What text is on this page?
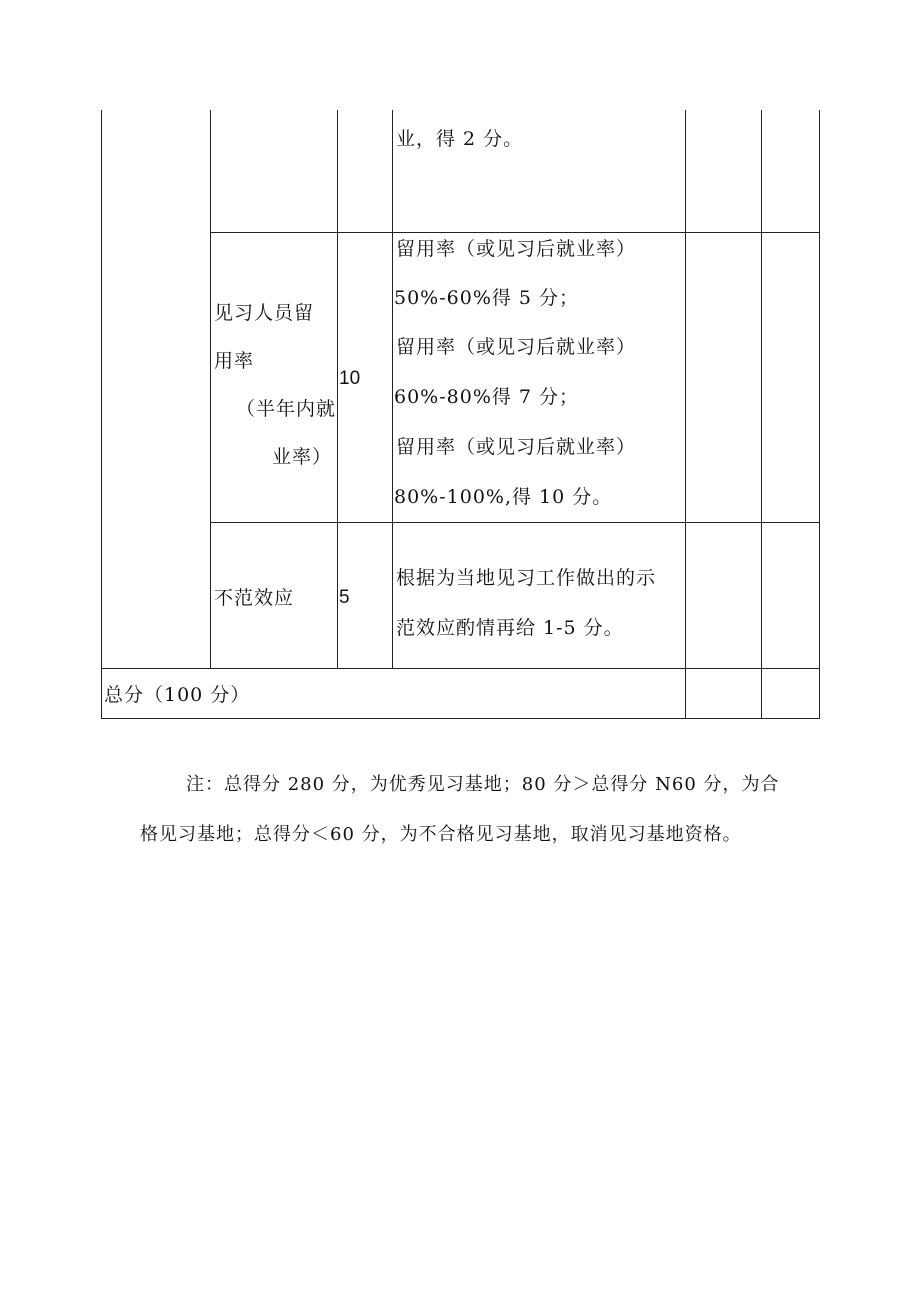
业，得 2 分。
见习人员留
用率
（半年内就
业率）
10
留用率（或见习后就业率）
50%-60%得 5 分；
留用率（或见习后就业率）
60%-80%得 7 分；
留用率（或见习后就业率）
80%-100%,得 10 分。
不范效应 5
根据为当地见习工作做出的示
范效应酌情再给 1-5 分。
总分（100 分）
注：总得分 280 分，为优秀见习基地；80 分＞总得分 N60 分，为合
格见习基地；总得分＜60 分，为不合格见习基地，取消见习基地资格。
